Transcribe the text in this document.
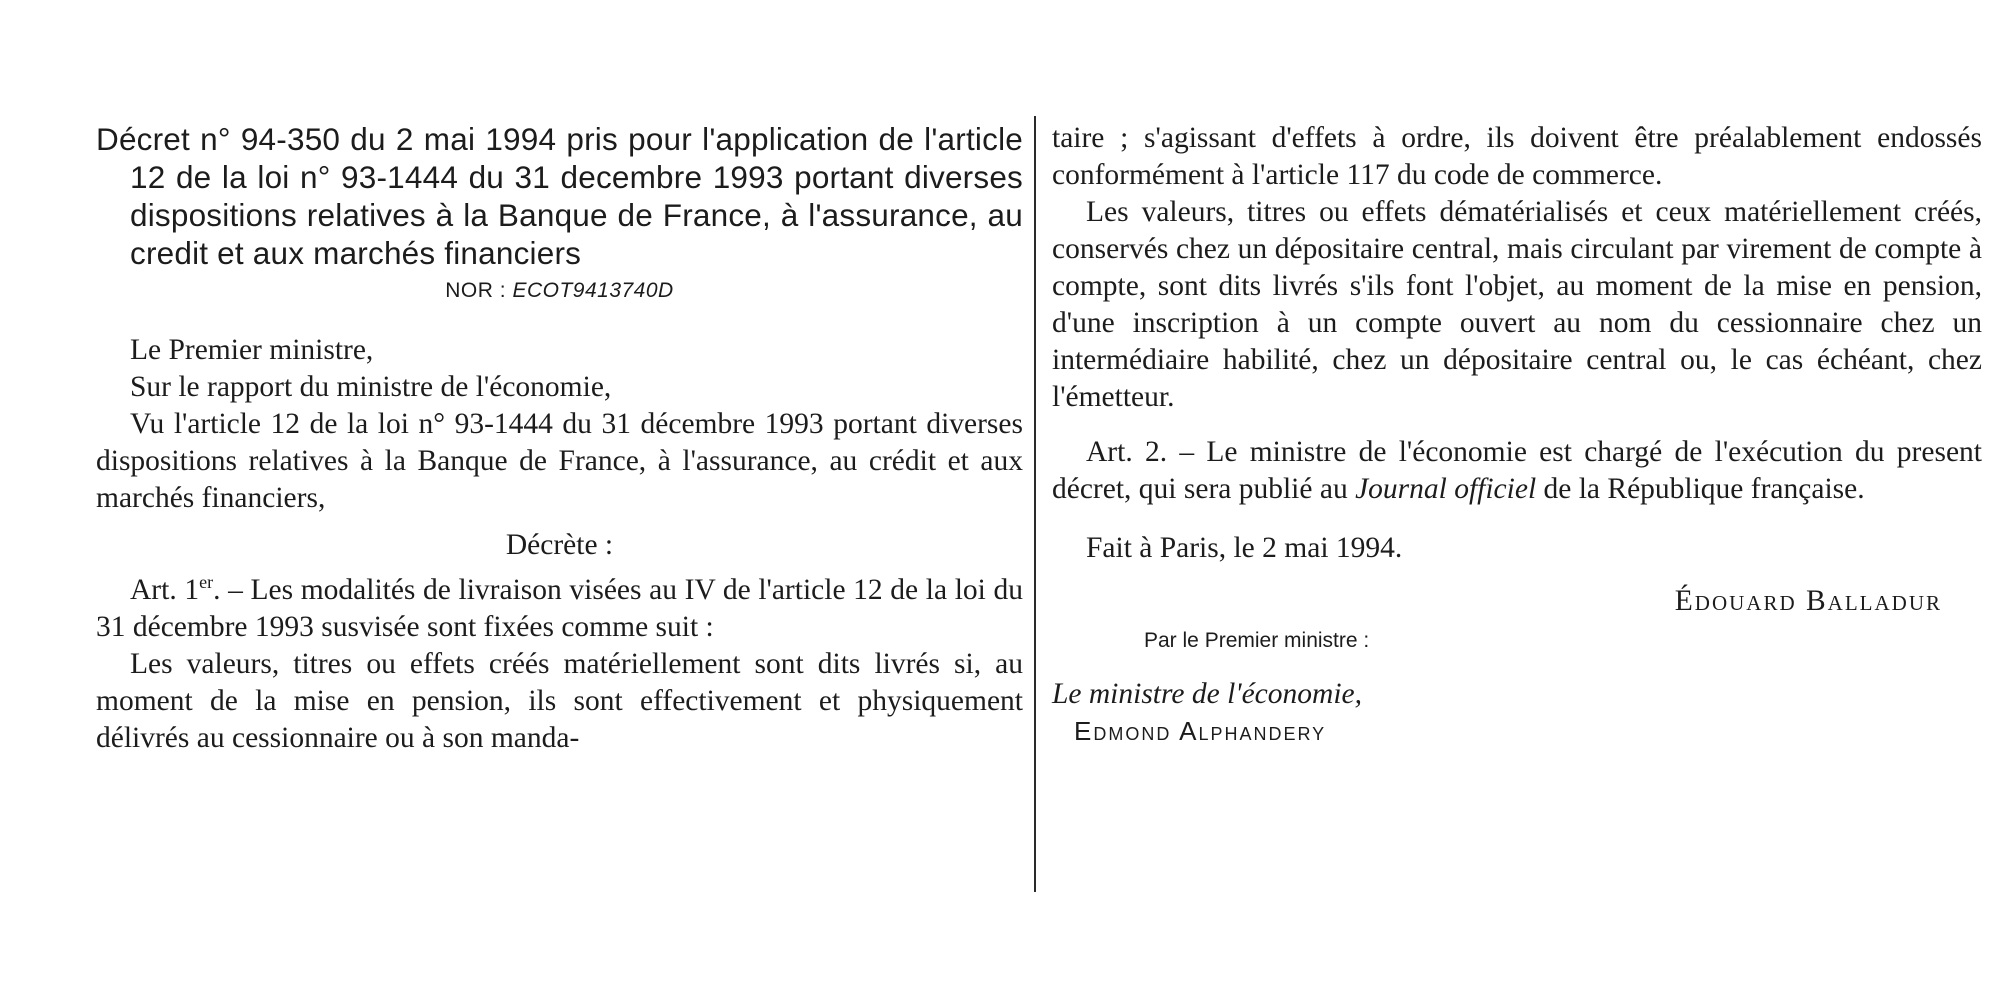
Décret n° 94-350 du 2 mai 1994 pris pour l'application de l'article 12 de la loi n° 93-1444 du 31 decembre 1993 portant diverses dispositions relatives à la Banque de France, à l'assurance, au credit et aux marchés financiers

NOR : ECOT9413740D

Le Premier ministre,

Sur le rapport du ministre de l'économie,

Vu l'article 12 de la loi n° 93-1444 du 31 décembre 1993 portant diverses dispositions relatives à la Banque de France, à l'assurance, au crédit et aux marchés financiers,

Décrète :

Art. 1er. – Les modalités de livraison visées au IV de l'article 12 de la loi du 31 décembre 1993 susvisée sont fixées comme suit :

Les valeurs, titres ou effets créés matériellement sont dits livrés si, au moment de la mise en pension, ils sont effectivement et physiquement délivrés au cessionnaire ou à son manda-

taire ; s'agissant d'effets à ordre, ils doivent être préalablement endossés conformément à l'article 117 du code de commerce.

Les valeurs, titres ou effets dématérialisés et ceux matériellement créés, conservés chez un dépositaire central, mais circulant par virement de compte à compte, sont dits livrés s'ils font l'objet, au moment de la mise en pension, d'une inscription à un compte ouvert au nom du cessionnaire chez un intermédiaire habilité, chez un dépositaire central ou, le cas échéant, chez l'émetteur.

Art. 2. – Le ministre de l'économie est chargé de l'exécution du present décret, qui sera publié au Journal officiel de la République française.

Fait à Paris, le 2 mai 1994.

Édouard Balladur

Par le Premier ministre :

Le ministre de l'économie,

Edmond Alphandery
